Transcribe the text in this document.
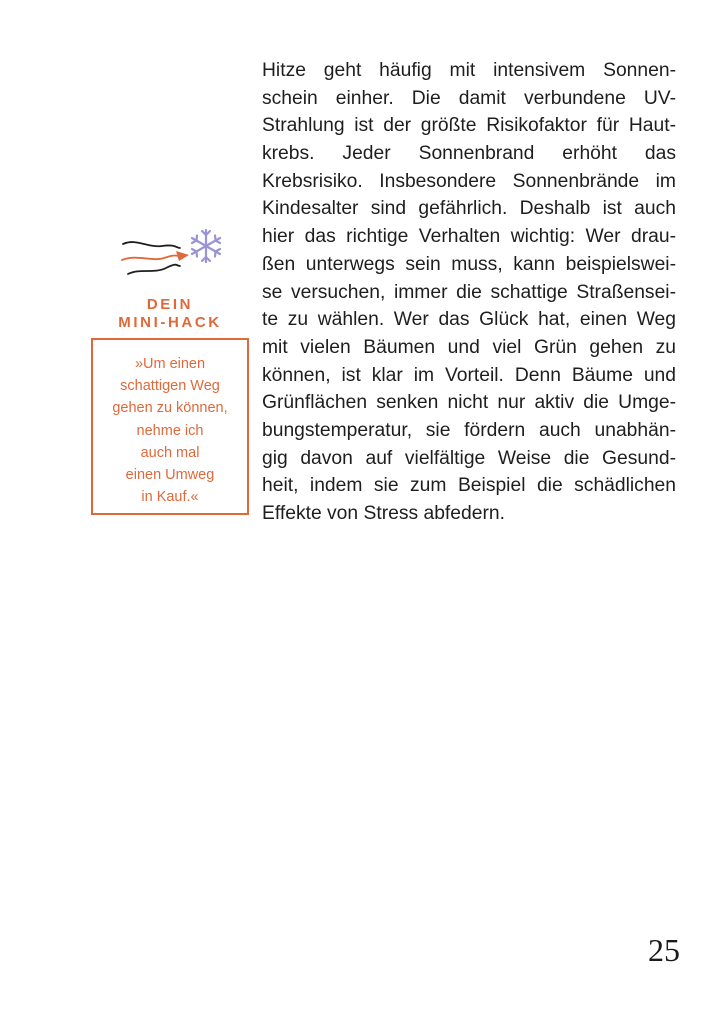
DEIN
MINI-HACK
»Um einen
schattigen Weg
gehen zu können,
nehme ich
auch mal
einen Umweg
in Kauf.«
Hitze geht häufig mit intensivem Sonnen-
schein einher. Die damit verbundene UV-
Strahlung ist der größte Risikofaktor für Haut-
krebs. Jeder Sonnenbrand erhöht das
Krebsrisiko. Insbesondere Sonnenbrände im
Kindesalter sind gefährlich. Deshalb ist auch
hier das richtige Verhalten wichtig: Wer drau-
ßen unterwegs sein muss, kann beispielswei-
se versuchen, immer die schattige Straßensei-
te zu wählen. Wer das Glück hat, einen Weg
mit vielen Bäumen und viel Grün gehen zu
können, ist klar im Vorteil. Denn Bäume und
Grünflächen senken nicht nur aktiv die Umge-
bungstemperatur, sie fördern auch unabhän-
gig davon auf vielfältige Weise die Gesund-
heit, indem sie zum Beispiel die schädlichen
Effekte von Stress abfedern.
25
